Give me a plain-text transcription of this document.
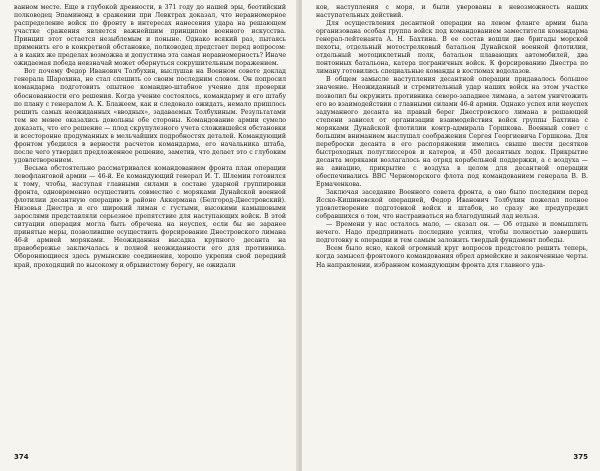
ванном месте. Еще в глубокой древности, в 371 году до нашей эры, беотийский полководец Эпаминонд в сражении при Левктрах доказал, что неравномерное распределение войск по фронту в интересах нанесения удара на решающем участке сражения является важнейшим принципом военного искусства. Принцип этот остается незыблемым и поныне. Однако всякий раз, пытаясь применить его в конкретной обстановке, полководец предстает перед вопросом: а в каких же пределах возможна и допустима эта самая неравномерность? Иначе ожидаемая победа невзначай может обернуться сокрушительным поражением.

Вот почему Федор Иванович Толбухин, выслушав на Военном совете доклад генерала Шарохина, не стал спешить со своим последним словом. Он попросил командарма подготовить опытное командно-штабное учение для проверки обоснованности его решения. Когда учение состоялось, командарму и его штабу по плану с генералом А. К. Блажеем, как и следовало ожидать, немало пришлось решить самых неожиданных «вводных», задаваемых Толбухиным. Результатами тем не менее оказались довольны обе стороны. Командование армии сумело доказать, что его решение — плод скрупулезного учета сложившейся обстановки и всесторонне продуманных в мельчайших подробностях деталей. Командующий фронтом убедился в верности расчетов командарма, его начальника штаба, после чего утвердил предложенное решение, заметив, что делает это с глубоким удовлетворением.

Весьма обстоятельно рассматривался командованием фронта план операции левофланговой армии — 46-й. Ее командующий генерал И. Т. Шлемин готовился к тому, чтобы, наступая главными силами в составе ударной группировки фронта, одновременно осуществить совместно с моряками Дунайской военной флотилии десантную операцию в районе Аккермана (Белгород-Днестровский). Низовья Днестра и его широкий лиман с густыми, высокими камышовыми зарослями представляли серьезное препятствие для наступающих войск. В этой ситуации операция могла быть обречена на неуспех, если бы не заранее принятые меры, позволившие осуществить форсирование Днестровского лимана 46-й армией моряками. Неожиданная высадка крупного десанта на правобережье заключалась в полной неожиданности его для противника. Обороняющиеся здесь румынские соединения, хорошо укрепив свой передний край, проходящий по высокому и обрывистому берегу, не ожидали

374

ков, наступления с моря, и были уверованы в невозможность наших наступательных действий.

Для осуществления десантной операции на левом фланге армии была организована особая группа войск под командованием заместителя командарма генерал-лейтенанта А. Н. Бахтина. В ее состав вошли две бригады морской пехоты, отдельный мотострелковый батальон Дунайской военной флотилии, отдельный мотоциклетный полк, батальон плавающих автомобилей, два понтонных батальона, катера пограничных войск. К форсированию Днестра по лиману готовились специальные команды в костюмах водолазов.

В общем замысле наступления десантной операции придавалось большое значение. Неожиданный и стремительный удар наших войск на этом участке позволил бы окружить противника северо-западнее лимана, а затем уничтожить его во взаимодействии с главными силами 46-й армии. Однако успех или неуспех задуманного десанта на правый берег Днестровского лимана в решающей степени зависел от организации взаимодействия войск группы Бахтина с моряками Дунайской флотилии контр-адмирала Горшкова. Военный совет с большим вниманием выслушал соображения Сергея Георгиевича Горшкова. Для переброски десанта в его распоряжении имелись свыше шести десятков быстроходных полуглиссеров и катеров, и 450 десантных лодок. Прикрытие десанта моряками возлагалось на отряд корабельной поддержки, а с воздуха — на авиацию, прикрытие с воздуха в целом для десантной операции обеспечивались ВВС Черноморского флота под командованием генерала В. В. Ермаченкова.

Заключая заседание Военного совета фронта, а оно было последним перед Ясско-Кишиневской операцией, Федор Иванович Толбухин пожелал полное удовлетворение подготовкой войск и штабов, но сразу же предупредил собравшихся о том, что настраиваться на благодушный лад нельзя.

— Времени у нас осталось мало, — сказал он. — Об отдыхе и помышлять нечего. Надо предприимать последние усилия, чтобы полностью завершить подготовку к операции и тем самым заложить твердый фундамент победы.

Всем было ясно, какой огромный круг вопросов предстояло решить теперь, когда замысел фронтового командования обрел армейские и законченные черты. На направлении, избранном командующим фронта для главного уда-

375
